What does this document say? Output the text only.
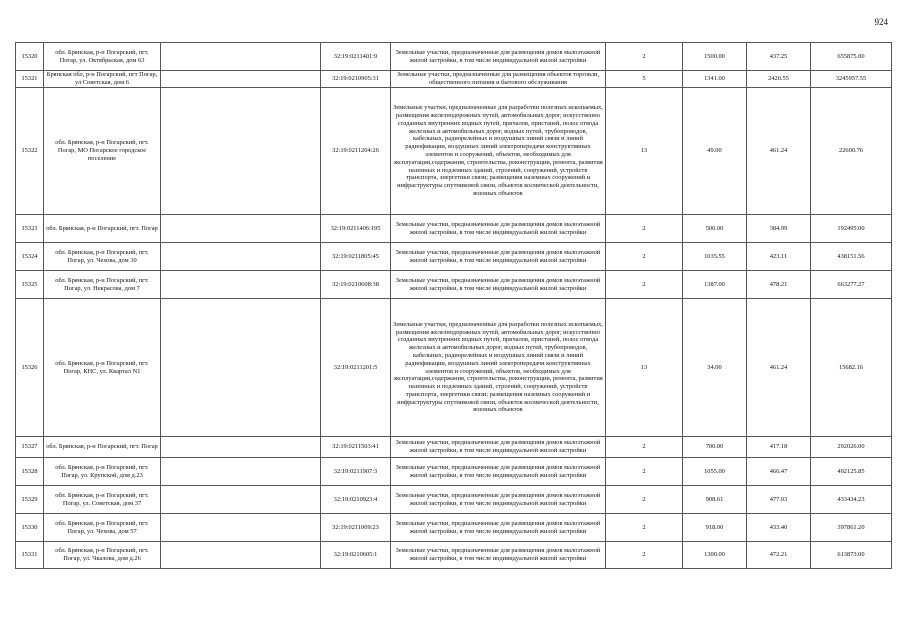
924
15320	обл. Брянская, р-н Погарский, пгт. Погар, ул. Октябрьская, дом 63		32:19:0211401:9	Земельные участки, предназначенные для размещения домов малоэтажной жилой застройки, в том числе индивидуальной жилой застройки	2	1500.00	437.25	655875.00
15321	Брянская обл, р-н Погарский, пгт Погар, ул Советская, дом 6		32:19:0210905:31	Земельные участки, предназначенные для размещения объектов торговли, общественного питания и бытового обслуживания	5	1341.00	2420.55	3245957.55
15322	обл. Брянская, р-н Погарский, пгт. Погар, МО Погарское городское поселение		32:19:0211204:26	Земельные участки, предназначенные для разработки полезных ископаемых, размещения железнодорожных путей, автомобильных дорог, искусственно созданных внутренних водных путей, причалов, пристаней, полос отвода железных и автомобильных дорог, водных путей, трубопроводов, кабельных, радиорелейных и воздушных линий связи и линий радиофикации, воздушных линий электропередачи конструктивных элементов и сооружений, объектов, необходимых для эксплуатации,содержания, строительства, реконструкции, ремонта, развития наземных и подземных зданий, строений, сооружений, устройств транспорта, энергетики связи; размещения наземных сооружений и инфраструктуры спутниковой связи, объектов космической деятельности, военных объектов	13	49.00	461.24	22600.76
15323	обл. Брянская, р-н Погарский, пгт. Погар		32:19:0211406:195	Земельные участки, предназначенные для размещения домов малоэтажной жилой застройки, в том числе индивидуальной жилой застройки	2	500.00	384.99	192495.00
15324	обл. Брянская, р-н Погарский, пгт. Погар, ул. Чехова, дом 30		32:19:0211805:45	Земельные участки, предназначенные для размещения домов малоэтажной жилой застройки, в том числе индивидуальной жилой застройки	2	1035.55	423.11	438151.56
15325	обл. Брянская, р-н Погарский, пгт. Погар, ул. Некрасова, дом 7		32:19:0210608:38	Земельные участки, предназначенные для размещения домов малоэтажной жилой застройки, в том числе индивидуальной жилой застройки	2	1387.00	478.21	663277.27
15326	обл. Брянская, р-н Погарский, пгт. Погар, КНС, ул. Квартал N1		32:19:0211201:5	Земельные участки, предназначенные для разработки полезных ископаемых, размещения железнодорожных путей, автомобильных дорог, искусственно созданных внутренних водных путей, причалов, пристаней, полос отвода железных и автомобильных дорог, водных путей, трубопроводов, кабельных, радиорелейных и воздушных линий связи и линий радиофикации, воздушных линий электропередачи конструктивных элементов и сооружений, объектов, необходимых для эксплуатации,содержания, строительства, реконструкции, ремонта, развития наземных и подземных зданий, строений, сооружений, устройств транспорта, энергетики связи; размещения наземных сооружений и инфраструктуры спутниковой связи, объектов космической деятельности, военных объектов	13	34.00	461.24	15682.16
15327	обл. Брянская, р-н Погарский, пгт. Погар		32:19:0211503:41	Земельные участки, предназначенные для размещения домов малоэтажной жилой застройки, в том числе индивидуальной жилой застройки	2	700.00	417.18	292026.00
15328	обл. Брянская, р-н Погарский, пгт. Погар, ул. Крупской, дом д.23		32:19:0211907:3	Земельные участки, предназначенные для размещения домов малоэтажной жилой застройки, в том числе индивидуальной жилой застройки	2	1055.00	466.47	492125.85
15329	обл. Брянская, р-н Погарский, пгт. Погар, ул. Советская, дом 37		32:19:0210923:4	Земельные участки, предназначенные для размещения домов малоэтажной жилой застройки, в том числе индивидуальной жилой застройки	2	908.61	477.03	433434.23
15330	обл. Брянская, р-н Погарский, пгт. Погар, ул. Чехова, дом 57		32:19:0211009:23	Земельные участки, предназначенные для размещения домов малоэтажной жилой застройки, в том числе индивидуальной жилой застройки	2	918.00	433.40	397861.20
15331	обл. Брянская, р-н Погарский, пгт. Погар, ул. Чкалова, дом д.26		32:19:0210605:1	Земельные участки, предназначенные для размещения домов малоэтажной жилой застройки, в том числе индивидуальной жилой застройки	2	1300.00	472.21	613873.00
